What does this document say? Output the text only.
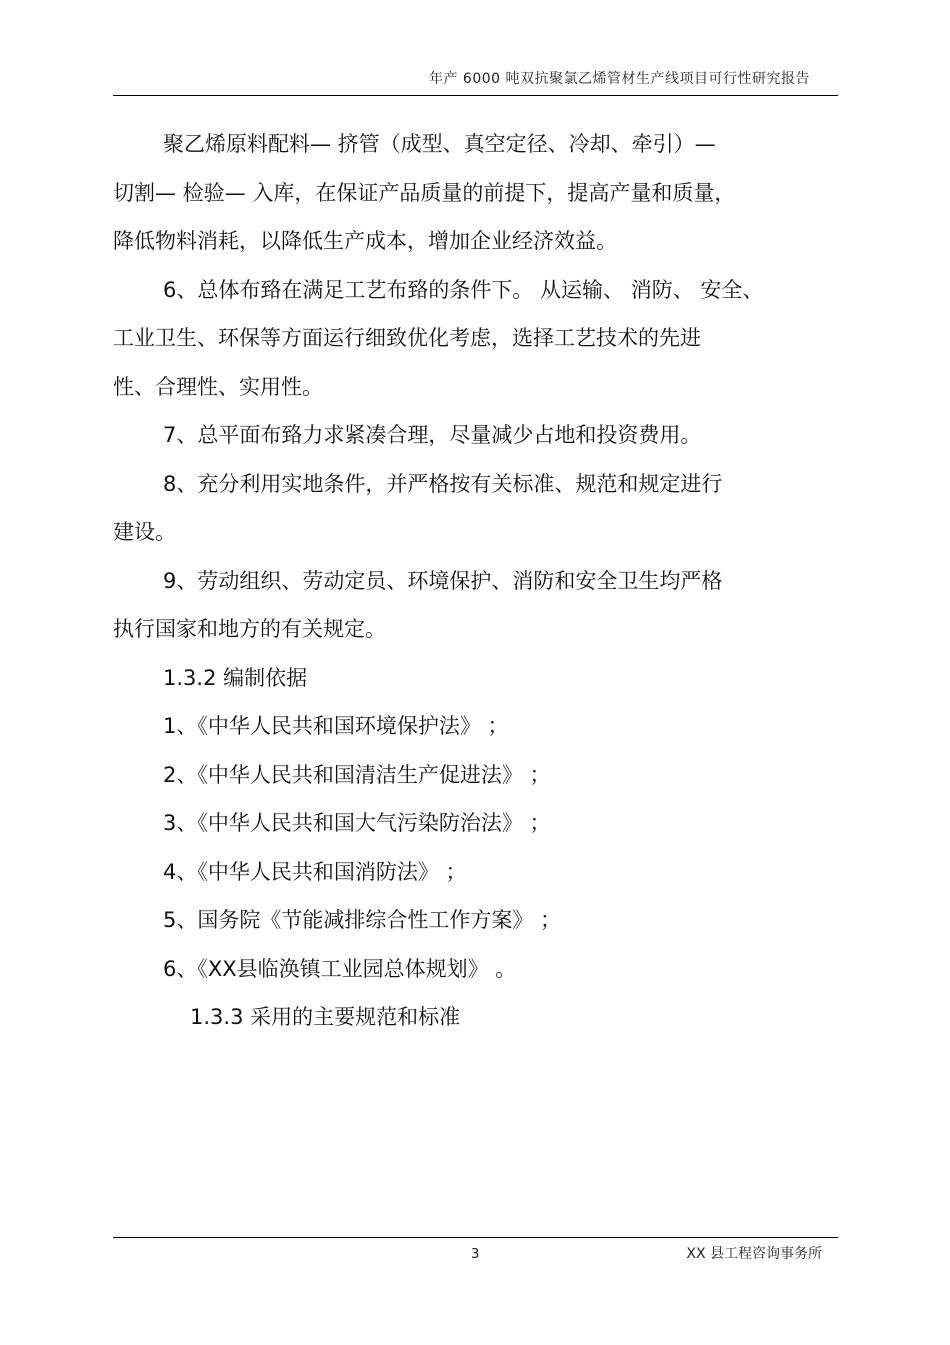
年产 6000 吨双抗聚氯乙烯管材生产线项目可行性研究报告
聚乙烯原料配料— 挤管（成型、真空定径、冷却、牵引）—
切割— 检验— 入库，在保证产品质量的前提下，提高产量和质量，
降低物料消耗，以降低生产成本，增加企业经济效益。
6、总体布臵在满足工艺布臵的条件下。 从运输、 消防、 安全、
工业卫生、环保等方面运行细致优化考虑，选择工艺技术的先进
性、合理性、实用性。
7、总平面布臵力求紧凑合理，尽量减少占地和投资费用。
8、充分利用实地条件，并严格按有关标准、规范和规定进行
建设。
9、劳动组织、劳动定员、环境保护、消防和安全卫生均严格
执行国家和地方的有关规定。
1.3.2 编制依据
1、《中华人民共和国环境保护法》 ；
2、《中华人民共和国清洁生产促进法》 ；
3、《中华人民共和国大气污染防治法》 ；
4、《中华人民共和国消防法》 ；
5、国务院《节能减排综合性工作方案》 ；
6、《XX县临涣镇工业园总体规划》 。
1.3.3 采用的主要规范和标准
3	XX 县工程咨询事务所
